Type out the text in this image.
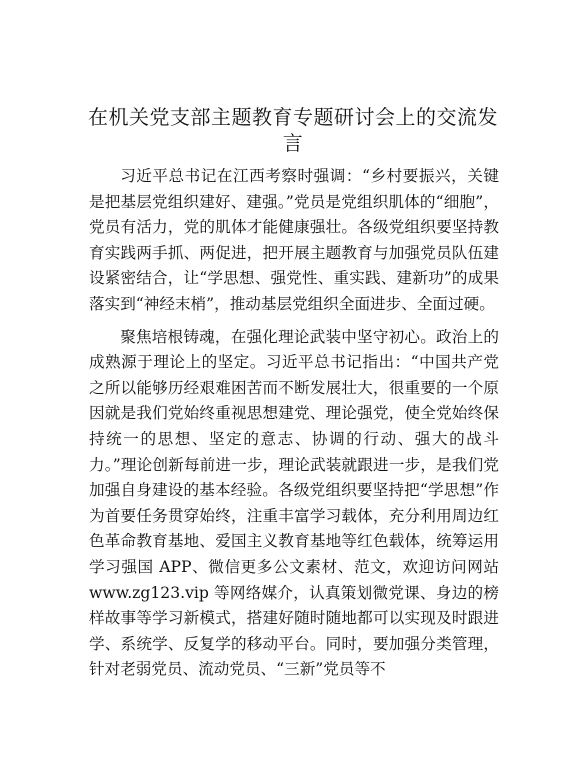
在机关党支部主题教育专题研讨会上的交流发言

习近平总书记在江西考察时强调：“乡村要振兴，关键是把基层党组织建好、建强。”党员是党组织肌体的“细胞”，党员有活力，党的肌体才能健康强壮。各级党组织要坚持教育实践两手抓、两促进，把开展主题教育与加强党员队伍建设紧密结合，让“学思想、强党性、重实践、建新功”的成果落实到“神经末梢”，推动基层党组织全面进步、全面过硬。

聚焦培根铸魂，在强化理论武装中坚守初心。政治上的成熟源于理论上的坚定。习近平总书记指出：“中国共产党之所以能够历经艰难困苦而不断发展壮大，很重要的一个原因就是我们党始终重视思想建党、理论强党，使全党始终保持统一的思想、坚定的意志、协调的行动、强大的战斗力。”理论创新每前进一步，理论武装就跟进一步，是我们党加强自身建设的基本经验。各级党组织要坚持把“学思想”作为首要任务贯穿始终，注重丰富学习载体，充分利用周边红色革命教育基地、爱国主义教育基地等红色载体，统筹运用学习强国 APP、微信更多公文素材、范文，欢迎访问网站 www.zg123.vip 等网络媒介，认真策划微党课、身边的榜样故事等学习新模式，搭建好随时随地都可以实现及时跟进学、系统学、反复学的移动平台。同时，要加强分类管理，针对老弱党员、流动党员、“三新”党员等不
